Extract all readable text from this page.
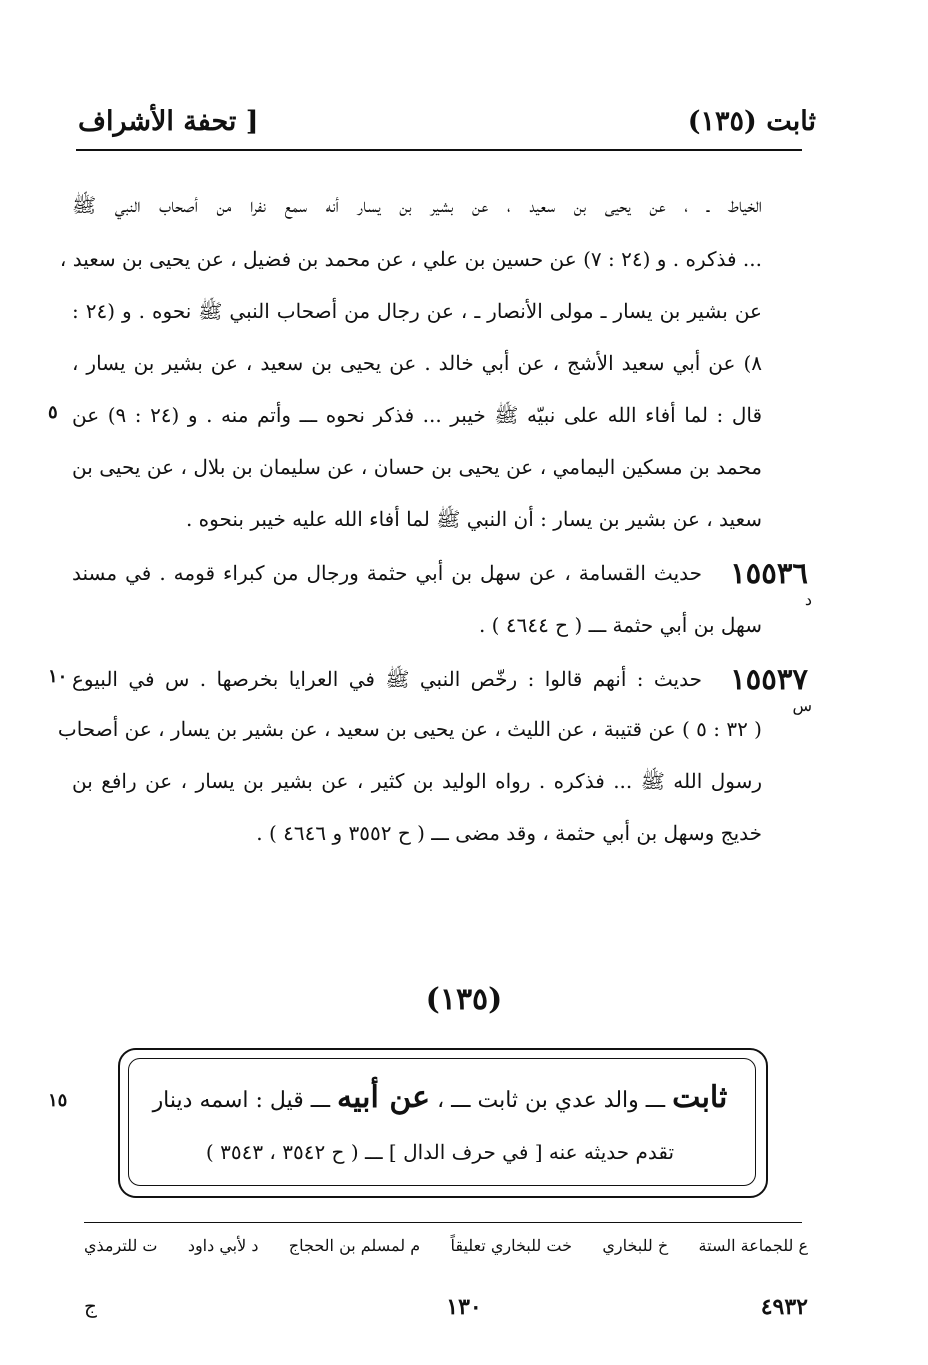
ثابت (١٣٥)
[ تحفة الأشراف
الخياط ـ ، عن يحيى بن سعيد ، عن بشير بن يسار أنه سمع نفرا من أصحاب النبي ﷺ
... فذكره . و (٢٤ : ٧) عن حسين بن علي ، عن محمد بن فضيل ، عن يحيى بن سعيد ،
عن بشير بن يسار ـ مولى الأنصار ـ ، عن رجال من أصحاب النبي ﷺ نحوه . و (٢٤ :
٨) عن أبي سعيد الأشج ، عن أبي خالد . عن يحيى بن سعيد ، عن بشير بن يسار ،
قال : لما أفاء الله على نبيّه ﷺ خيبر ... فذكر نحوه ـــ وأتم منه . و (٢٤ : ٩) عن
محمد بن مسكين اليمامي ، عن يحيى بن حسان ، عن سليمان بن بلال ، عن يحيى بن
سعيد ، عن بشير بن يسار : أن النبي ﷺ لما أفاء الله عليه خيبر بنحوه .
٥
١٥٥٣٦
د
حديث القسامة ، عن سهل بن أبي حثمة ورجال من كبراء قومه . في مسند
سهل بن أبي حثمة ـــ ( ح ٤٦٤٤ ) .
١٥٥٣٧
س
١٠ حديث : أنهم قالوا : رخّص النبي ﷺ في العرايا بخرصها . س في البيوع
( ٣٢ : ٥ ) عن قتيبة ، عن الليث ، عن يحيى بن سعيد ، عن بشير بن يسار ، عن أصحاب
رسول الله ﷺ ... فذكره . رواه الوليد بن كثير ، عن بشير بن يسار ، عن رافع بن
خديج وسهل بن أبي حثمة ، وقد مضى ـــ ( ح ٣٥٥٢ و ٤٦٤٦ ) .
(١٣٥)
ثابت ـــ والد عدي بن ثابت ـــ ، عن أبيه ـــ قيل : اسمه دينار
تقدم حديثه عنه [ في حرف الدال ] ـــ ( ح ٣٥٤٢ ، ٣٥٤٣ )
١٥
ع للجماعة الستة
خ للبخاري
خت للبخاري تعليقاً
م لمسلم بن الحجاج
د لأبي داود
ت للترمذي
٤٩٣٢
١٣٠
ج
